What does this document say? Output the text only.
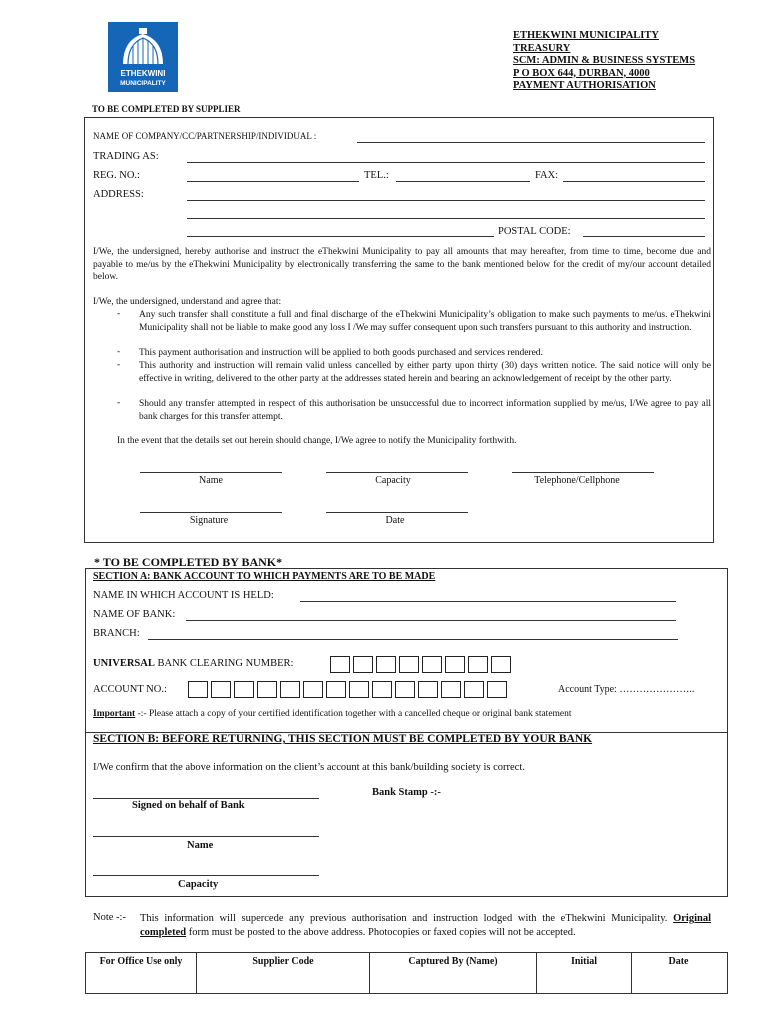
ETHEKWINI
MUNICIPALITY
ETHEKWINI MUNICIPALITY
TREASURY
SCM: ADMIN & BUSINESS SYSTEMS
P O BOX 644, DURBAN, 4000
PAYMENT AUTHORISATION
TO BE COMPLETED BY SUPPLIER
NAME OF COMPANY/CC/PARTNERSHIP/INDIVIDUAL :
TRADING AS:
REG. NO.:	TEL.:	FAX:
ADDRESS:
POSTAL CODE:
I/We, the undersigned, hereby authorise and instruct the eThekwini Municipality to pay all amounts that may hereafter, from time to time, become due and payable to me/us by the eThekwini Municipality by electronically transferring the same to the bank mentioned below for the credit of my/our account detailed below.
I/We, the undersigned, understand and agree that:
- Any such transfer shall constitute a full and final discharge of the eThekwini Municipality’s obligation to make such payments to me/us. eThekwini Municipality shall not be liable to make good any loss I /We may suffer consequent upon such transfers pursuant to this authority and instruction.
- This payment authorisation and instruction will be applied to both goods purchased and services rendered.
- This authority and instruction will remain valid unless cancelled by either party upon thirty (30) days written notice. The said notice will only be effective in writing, delivered to the other party at the addresses stated herein and bearing an acknowledgement of receipt by the other party.
- Should any transfer attempted in respect of this authorisation be unsuccessful due to incorrect information supplied by me/us, I/We agree to pay all bank charges for this transfer attempt.
In the event that the details set out herein should change, I/We agree to notify the Municipality forthwith.
Name	Capacity	Telephone/Cellphone
Signature	Date
* TO BE COMPLETED BY BANK*
SECTION A: BANK ACCOUNT TO WHICH PAYMENTS ARE TO BE MADE
NAME IN WHICH ACCOUNT IS HELD:
NAME OF BANK:
BRANCH:
UNIVERSAL BANK CLEARING NUMBER:
ACCOUNT NO.:	Account Type: …………………..
Important -:- Please attach a copy of your certified identification together with a cancelled cheque or original bank statement
SECTION B: BEFORE RETURNING, THIS SECTION MUST BE COMPLETED BY YOUR BANK
I/We confirm that the above information on the client’s account at this bank/building society is correct.
Bank Stamp -:-
Signed on behalf of Bank
Name
Capacity
Note -:- This information will supercede any previous authorisation and instruction lodged with the eThekwini Municipality. Original completed form must be posted to the above address. Photocopies or faxed copies will not be accepted.
For Office Use only	Supplier Code	Captured By (Name)	Initial	Date
